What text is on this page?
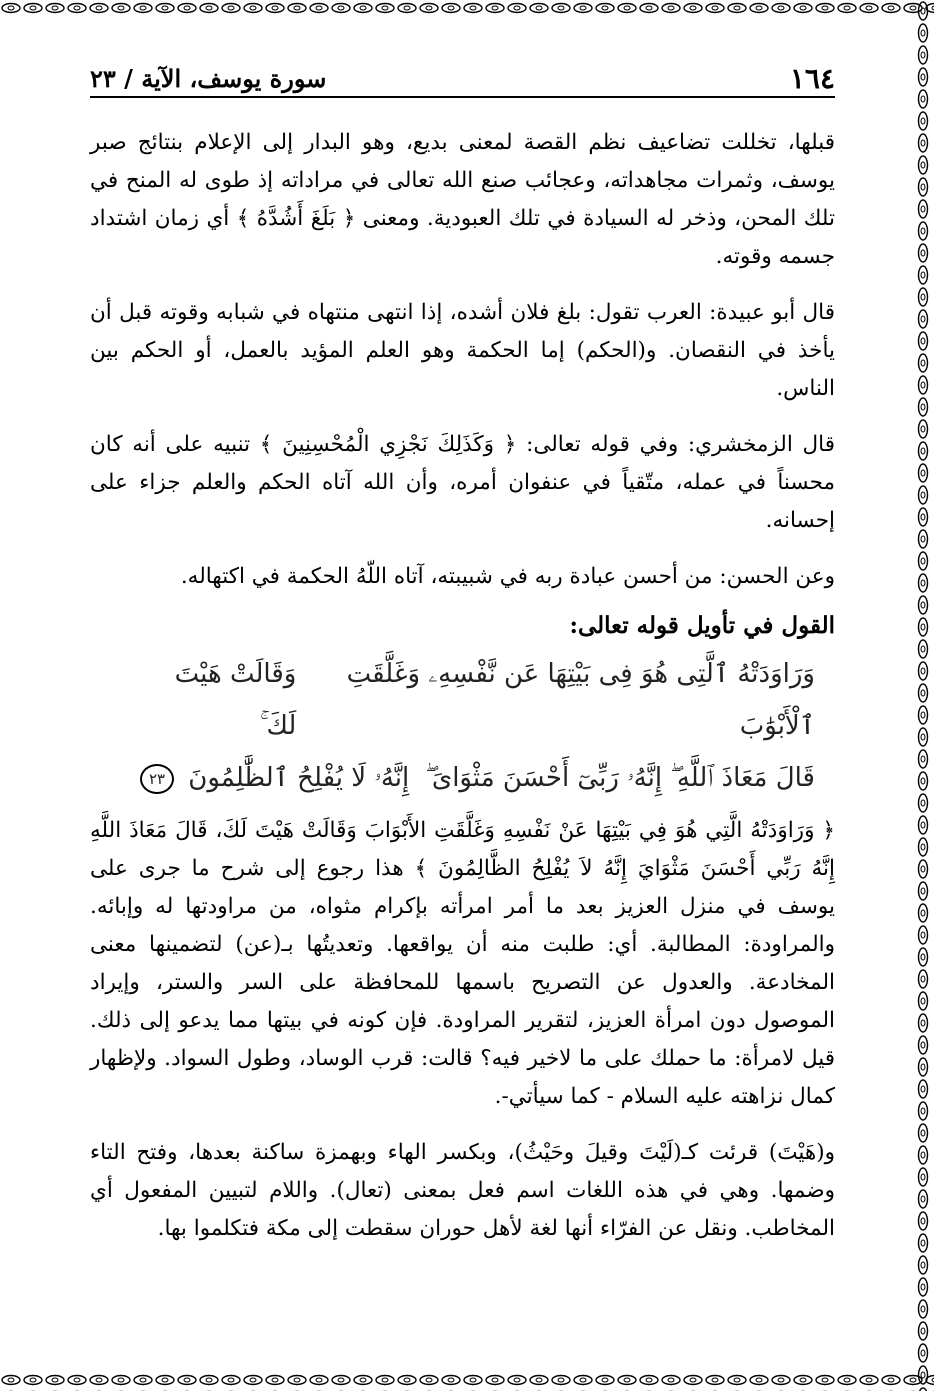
١٦٤
سورة يوسف، الآية / ٢٣

قبلها، تخللت تضاعيف نظم القصة لمعنى بديع، وهو البدار إلى الإعلام بنتائج صبر يوسف، وثمرات مجاهداته، وعجائب صنع الله تعالى في مراداته إذ طوى له المنح في تلك المحن، وذخر له السيادة في تلك العبودية. ومعنى ﴿ بَلَغَ أَشُدَّهُ ﴾ أي زمان اشتداد جسمه وقوته.

قال أبو عبيدة: العرب تقول: بلغ فلان أشده، إذا انتهى منتهاه في شبابه وقوته قبل أن يأخذ في النقصان. و(الحكم) إما الحكمة وهو العلم المؤيد بالعمل، أو الحكم بين الناس.

قال الزمخشري: وفي قوله تعالى: ﴿ وَكَذَلِكَ نَجْزِي الْمُحْسِنِينَ ﴾ تنبيه على أنه كان محسناً في عمله، متّقياً في عنفوان أمره، وأن الله آتاه الحكم والعلم جزاء على إحسانه.

وعن الحسن: من أحسن عبادة ربه في شبيبته، آتاه اللّهُ الحكمة في اكتهاله.

القول في تأويل قوله تعالى:
وَرَاوَدَتْهُ ٱلَّتِى هُوَ فِى بَيْتِهَا عَن نَّفْسِهِۦ وَغَلَّقَتِ ٱلْأَبْوَٰبَ
وَقَالَتْ هَيْتَ لَكَ ۚ
قَالَ مَعَاذَ ٱللَّهِ ۖ إِنَّهُۥ رَبِّىٓ أَحْسَنَ مَثْوَاىَ ۖ
إِنَّهُۥ لَا يُفْلِحُ ٱلظَّٰلِمُونَ ٢٣

﴿ وَرَاوَدَتْهُ الَّتِي هُوَ فِي بَيْتِهَا عَنْ نَفْسِهِ وَغَلَّقَتِ الأَبْوَابَ وَقَالَتْ هَيْتَ لَكَ، قَالَ مَعَاذَ اللَّهِ إِنَّهُ رَبِّي أَحْسَنَ مَثْوَايَ إِنَّهُ لاَ يُفْلِحُ الظَّالِمُونَ ﴾ هذا رجوع إلى شرح ما جرى على يوسف في منزل العزيز بعد ما أمر امرأته بإكرام مثواه، من مراودتها له وإبائه. والمراودة: المطالبة. أي: طلبت منه أن يواقعها. وتعديتُها بـ(عن) لتضمينها معنى المخادعة. والعدول عن التصريح باسمها للمحافظة على السر والستر، وإيراد الموصول دون امرأة العزيز، لتقرير المراودة. فإن كونه في بيتها مما يدعو إلى ذلك. قيل لامرأة: ما حملك على ما لاخير فيه؟ قالت: قرب الوساد، وطول السواد. ولإظهار كمال نزاهته عليه السلام - كما سيأتي-.

و(هَيْتَ) قرئت كـ(لَيْتَ وقيلَ وحَيْثُ)، وبكسر الهاء وبهمزة ساكنة بعدها، وفتح التاء وضمها. وهي في هذه اللغات اسم فعل بمعنى (تعال). واللام لتبيين المفعول أي المخاطب. ونقل عن الفرّاء أنها لغة لأهل حوران سقطت إلى مكة فتكلموا بها.
